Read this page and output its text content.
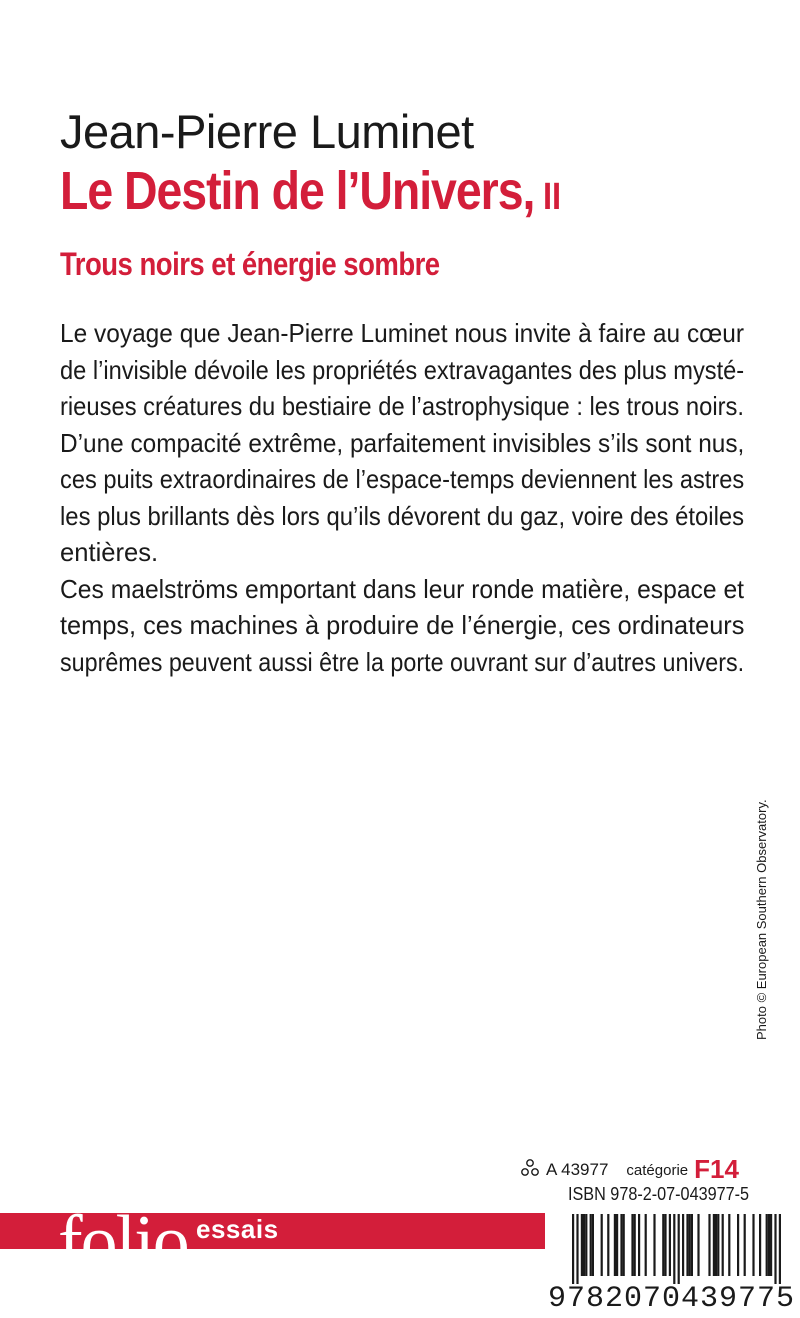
Jean-Pierre Luminet
Le Destin de l’Univers, II
Trous noirs et énergie sombre
Le voyage que Jean-Pierre Luminet nous invite à faire au cœur
de l’invisible dévoile les propriétés extravagantes des plus mysté-
rieuses créatures du bestiaire de l’astrophysique : les trous noirs.
D’une compacité extrême, parfaitement invisibles s’ils sont nus,
ces puits extraordinaires de l’espace-temps deviennent les astres
les plus brillants dès lors qu’ils dévorent du gaz, voire des étoiles
entières.
Ces maelströms emportant dans leur ronde matière, espace et
temps, ces machines à produire de l’énergie, ces ordinateurs
suprêmes peuvent aussi être la porte ouvrant sur d’autres univers.
Photo © European Southern Observatory.
A 43977 catégorie F14
ISBN 978-2-07-043977-5
folio essais
9782070439775
